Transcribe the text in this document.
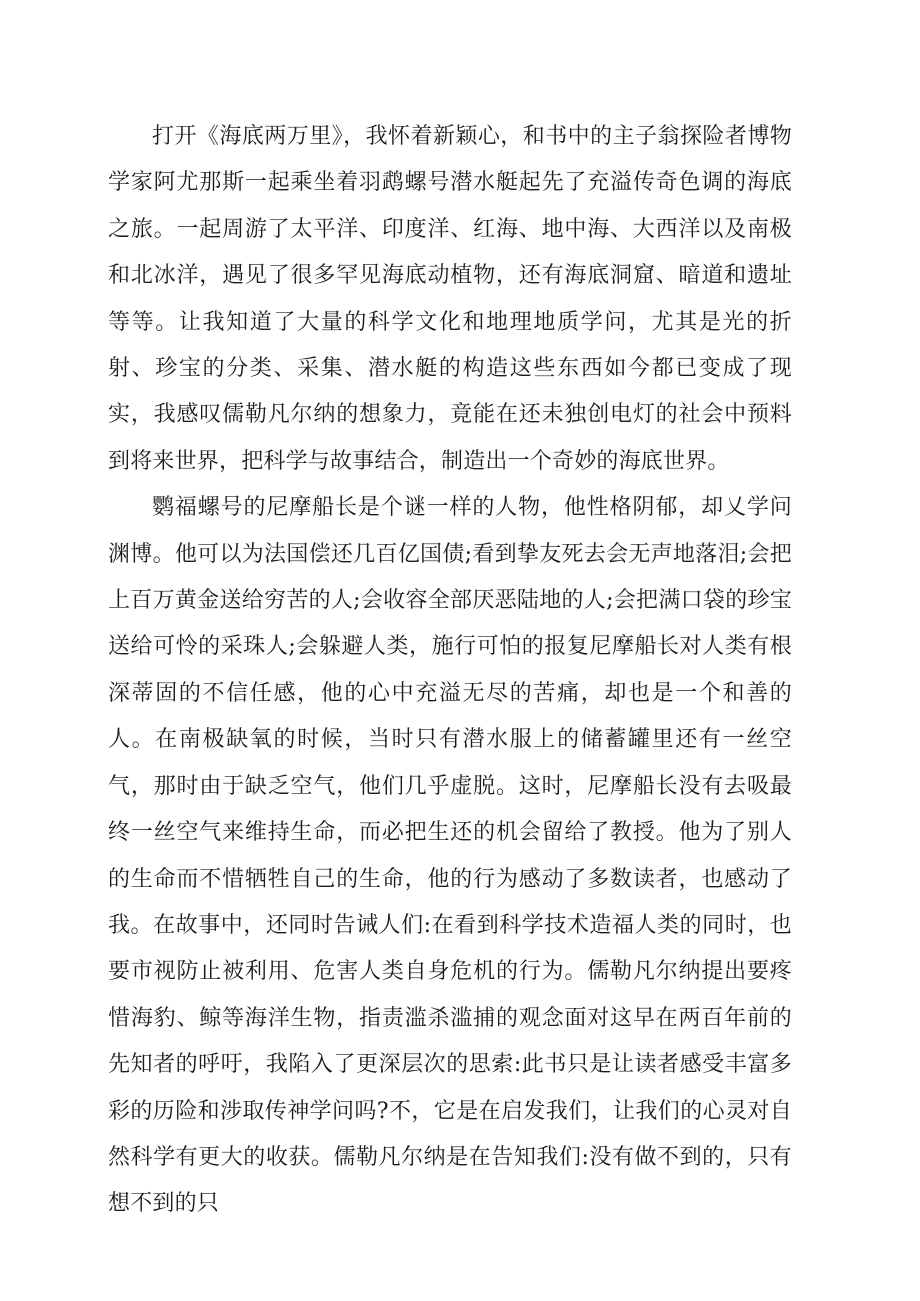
打开《海底两万里》，我怀着新颖心，和书中的主子翁探险者博物学家阿尤那斯一起乘坐着羽鹉螺号潜水艇起先了充溢传奇色调的海底之旅。一起周游了太平洋、印度洋、红海、地中海、大西洋以及南极和北冰洋，遇见了很多罕见海底动植物，还有海底洞窟、暗道和遗址等等。让我知道了大量的科学文化和地理地质学问，尤其是光的折射、珍宝的分类、采集、潜水艇的构造这些东西如今都已变成了现实，我感叹儒勒凡尔纳的想象力，竟能在还未独创电灯的社会中预料到将来世界，把科学与故事结合，制造出一个奇妙的海底世界。

鹦福螺号的尼摩船长是个谜一样的人物，他性格阴郁，却乂学问渊博。他可以为法国偿还几百亿国债;看到挚友死去会无声地落泪;会把上百万黄金送给穷苦的人;会收容全部厌恶陆地的人;会把满口袋的珍宝送给可怜的采珠人;会躲避人类，施行可怕的报复尼摩船长对人类有根深蒂固的不信任感，他的心中充溢无尽的苦痛，却也是一个和善的人。在南极缺氧的时候，当时只有潜水服上的储蓄罐里还有一丝空气，那时由于缺乏空气，他们几乎虚脱。这时，尼摩船长没有去吸最终一丝空气来维持生命，而必把生还的机会留给了教授。他为了别人的生命而不惜牺牲自己的生命，他的行为感动了多数读者，也感动了我。在故事中，还同时告诫人们:在看到科学技术造福人类的同时，也要市视防止被利用、危害人类自身危机的行为。儒勒凡尔纳提出要疼惜海豹、鲸等海洋生物，指责滥杀滥捕的观念面对这早在两百年前的先知者的呼吁，我陷入了更深层次的思索:此书只是让读者感受丰富多彩的历险和涉取传神学问吗?不，它是在启发我们，让我们的心灵对自然科学有更大的收获。儒勒凡尔纳是在告知我们:没有做不到的，只有想不到的只
